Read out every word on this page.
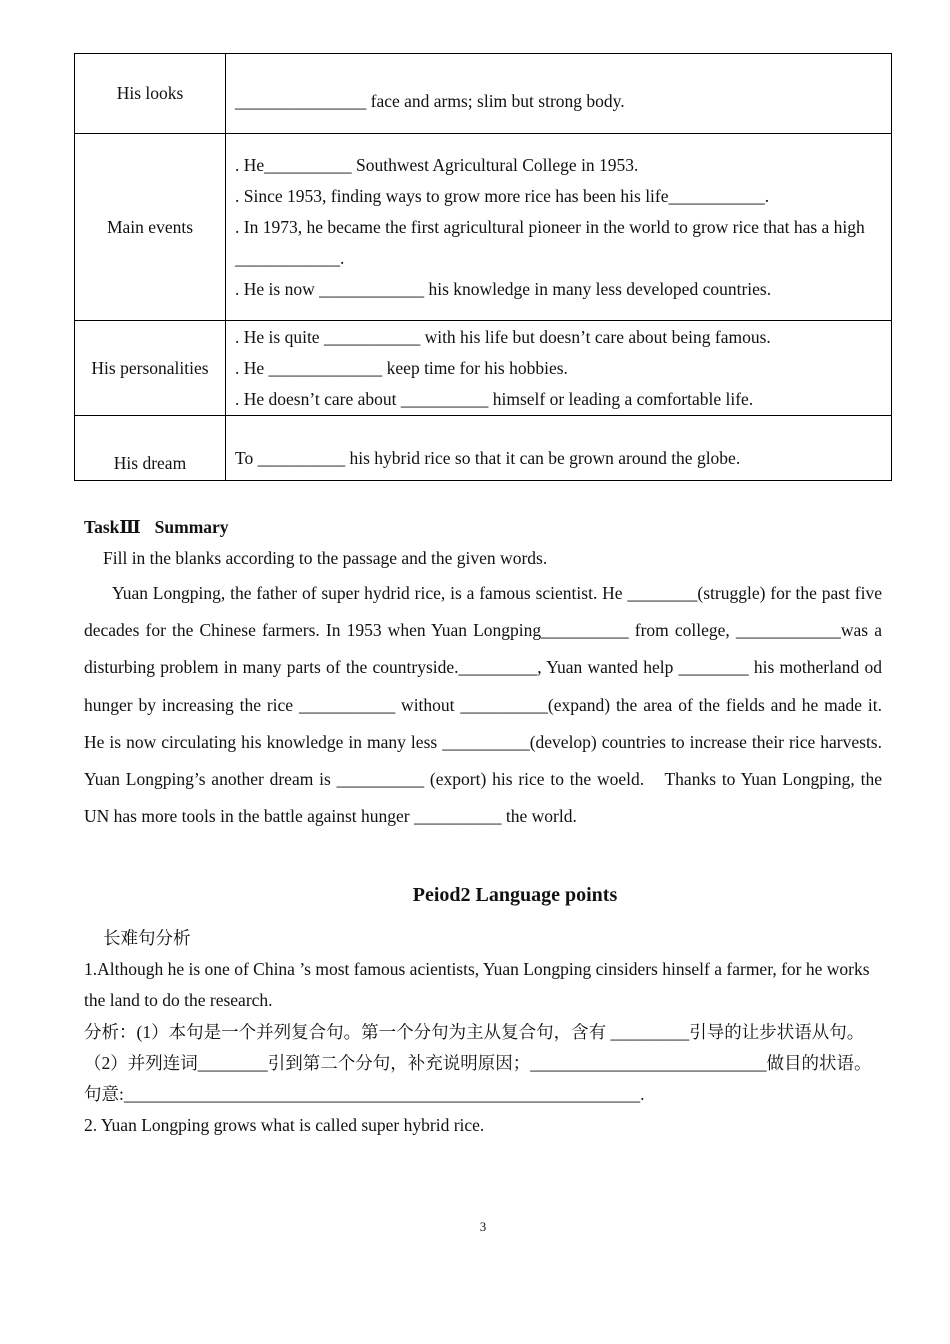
His looks	_______________ face and arms; slim but strong body.

Main events	. He__________ Southwest Agricultural College in 1953.
. Since 1953, finding ways to grow more rice has been his life___________.
. In 1973, he became the first agricultural pioneer in the world to grow rice that has a high
____________.
. He is now ____________ his knowledge in many less developed countries.

His personalities	. He is quite ___________ with his life but doesn’t care about being famous.
. He _____________ keep time for his hobbies.
. He doesn’t care about __________ himself or leading a comfortable life.

His dream	To __________ his hybrid rice so that it can be grown around the globe.
TaskⅢ Summary
Fill in the blanks according to the passage and the given words.

Yuan Longping, the father of super hydrid rice, is a famous scientist. He ________(struggle) for the past five decades for the Chinese farmers. In 1953 when Yuan Longping__________ from college, ____________was a disturbing problem in many parts of the countryside._________, Yuan wanted help ________ his motherland od hunger by increasing the rice ___________ without __________(expand) the area of the fields and he made it. He is now circulating his knowledge in many less __________(develop) countries to increase their rice harvests. Yuan Longping’s another dream is __________ (export) his rice to the woeld.　Thanks to Yuan Longping, the UN has more tools in the battle against hunger __________ the world.

Peiod2 Language points

长难句分析

1.Although he is one of China ’s most famous acientists, Yuan Longping cinsiders hinself a farmer, for he works the land to do the research.

分析：(1）本句是一个并列复合句。第一个分句为主从复合句，含有 _________引导的让步状语从句。

（2）并列连词________引到第二个分句，补充说明原因；___________________________做目的状语。

句意:___________________________________________________________.

2. Yuan Longping grows what is called super hybrid rice.

3
